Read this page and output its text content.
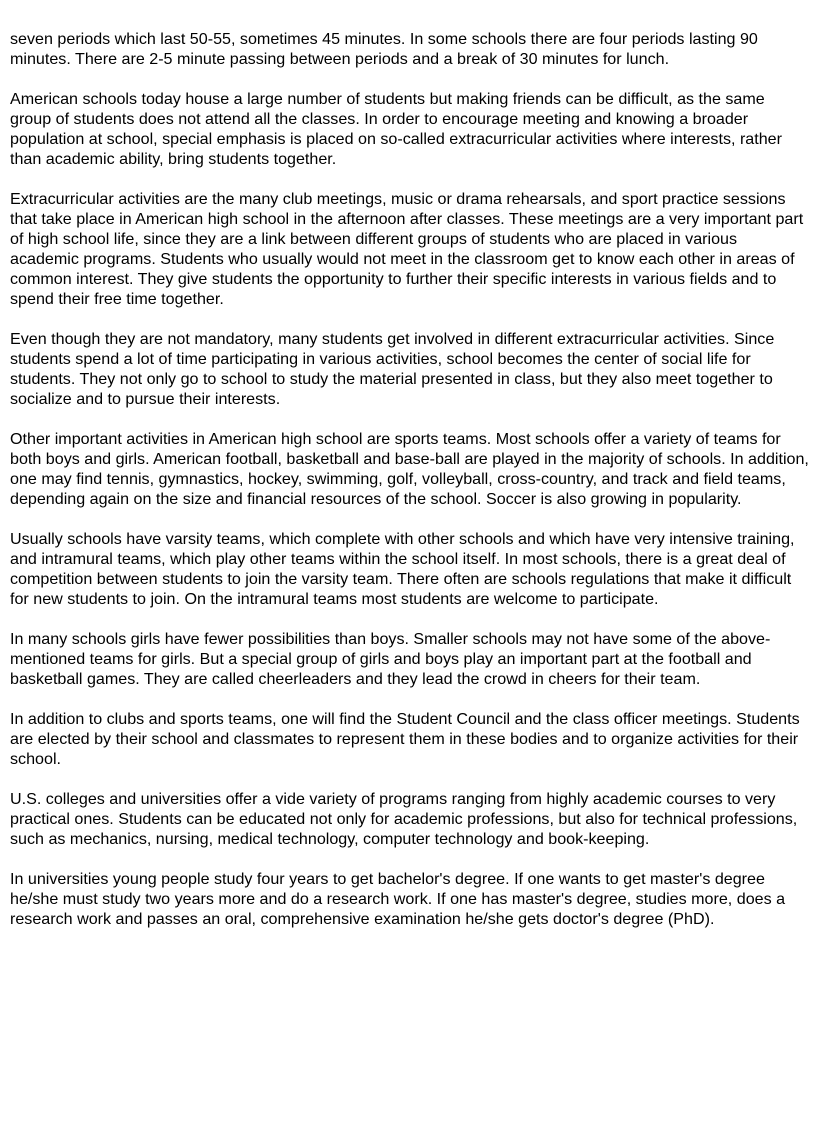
seven periods which last 50-55, sometimes 45 minutes. In some schools there are four periods lasting 90 minutes. There are 2-5 minute passing between periods and a break of 30 minutes for lunch.

American schools today house a large number of students but making friends can be difficult, as the same group of students does not attend all the classes. In order to encourage meeting and knowing a broader population at school, special emphasis is placed on so-called extracurricular activities where interests, rather than academic ability, bring students together.

Extracurricular activities are the many club meetings, music or drama rehearsals, and sport practice sessions that take place in American high school in the afternoon after classes. These meetings are a very important part of high school life, since they are a link between different groups of students who are placed in various academic programs. Students who usually would not meet in the classroom get to know each other in areas of common interest. They give students the opportunity to further their specific interests in various fields and to spend their free time together.

Even though they are not mandatory, many students get involved in different extracurricular activities. Since students spend a lot of time participating in various activities, school becomes the center of social life for students. They not only go to school to study the material presented in class, but they also meet together to socialize and to pursue their interests.

Other important activities in American high school are sports teams. Most schools offer a variety of teams for both boys and girls. American football, basketball and base-ball are played in the majority of schools. In addition, one may find tennis, gymnastics, hockey, swimming, golf, volleyball, cross-country, and track and field teams, depending again on the size and financial resources of the school. Soccer is also growing in popularity.

Usually schools have varsity teams, which complete with other schools and which have very intensive training, and intramural teams, which play other teams within the school itself. In most schools, there is a great deal of competition between students to join the varsity team. There often are schools regulations that make it difficult for new students to join. On the intramural teams most students are welcome to participate.

In many schools girls have fewer possibilities than boys. Smaller schools may not have some of the above-mentioned teams for girls. But a special group of girls and boys play an important part at the football and basketball games. They are called cheerleaders and they lead the crowd in cheers for their team.

In addition to clubs and sports teams, one will find the Student Council and the class officer meetings. Students are elected by their school and classmates to represent them in these bodies and to organize activities for their school.

U.S. colleges and universities offer a vide variety of programs ranging from highly academic courses to very practical ones. Students can be educated not only for academic professions, but also for technical professions, such as mechanics, nursing, medical technology, computer technology and book-keeping.

In universities young people study four years to get bachelor's degree. If one wants to get master's degree he/she must study two years more and do a research work. If one has master's degree, studies more, does a research work and passes an oral, comprehensive examination he/she gets doctor's degree (PhD).
